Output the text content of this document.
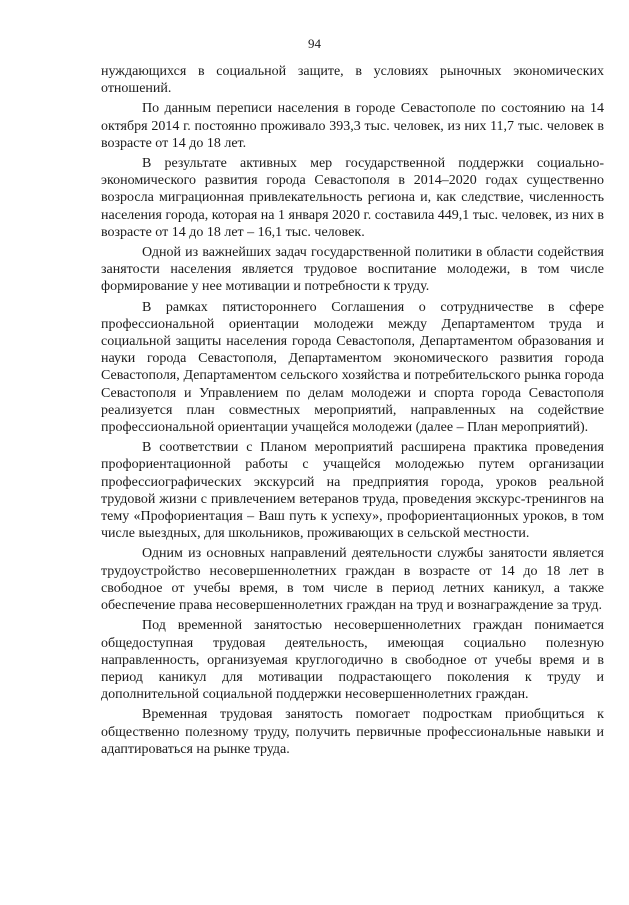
94

нуждающихся в социальной защите, в условиях рыночных экономических отношений.

По данным переписи населения в городе Севастополе по состоянию на 14 октября 2014 г. постоянно проживало 393,3 тыс. человек, из них 11,7 тыс. человек в возрасте от 14 до 18 лет.

В результате активных мер государственной поддержки социально-экономического развития города Севастополя в 2014–2020 годах существенно возросла миграционная привлекательность региона и, как следствие, численность населения города, которая на 1 января 2020 г. составила 449,1 тыс. человек, из них в возрасте от 14 до 18 лет – 16,1 тыс. человек.

Одной из важнейших задач государственной политики в области содействия занятости населения является трудовое воспитание молодежи, в том числе формирование у нее мотивации и потребности к труду.

В рамках пятистороннего Соглашения о сотрудничестве в сфере профессиональной ориентации молодежи между Департаментом труда и социальной защиты населения города Севастополя, Департаментом образования и науки города Севастополя, Департаментом экономического развития города Севастополя, Департаментом сельского хозяйства и потребительского рынка города Севастополя и Управлением по делам молодежи и спорта города Севастополя реализуется план совместных мероприятий, направленных на содействие профессиональной ориентации учащейся молодежи (далее – План мероприятий).

В соответствии с Планом мероприятий расширена практика проведения профориентационной работы с учащейся молодежью путем организации профессиографических экскурсий на предприятия города, уроков реальной трудовой жизни с привлечением ветеранов труда, проведения экскурс-тренингов на тему «Профориентация – Ваш путь к успеху», профориентационных уроков, в том числе выездных, для школьников, проживающих в сельской местности.

Одним из основных направлений деятельности службы занятости является трудоустройство несовершеннолетних граждан в возрасте от 14 до 18 лет в свободное от учебы время, в том числе в период летних каникул, а также обеспечение права несовершеннолетних граждан на труд и вознаграждение за труд.

Под временной занятостью несовершеннолетних граждан понимается общедоступная трудовая деятельность, имеющая социально полезную направленность, организуемая круглогодично в свободное от учебы время и в период каникул для мотивации подрастающего поколения к труду и дополнительной социальной поддержки несовершеннолетних граждан.

Временная трудовая занятость помогает подросткам приобщиться к общественно полезному труду, получить первичные профессиональные навыки и адаптироваться на рынке труда.
